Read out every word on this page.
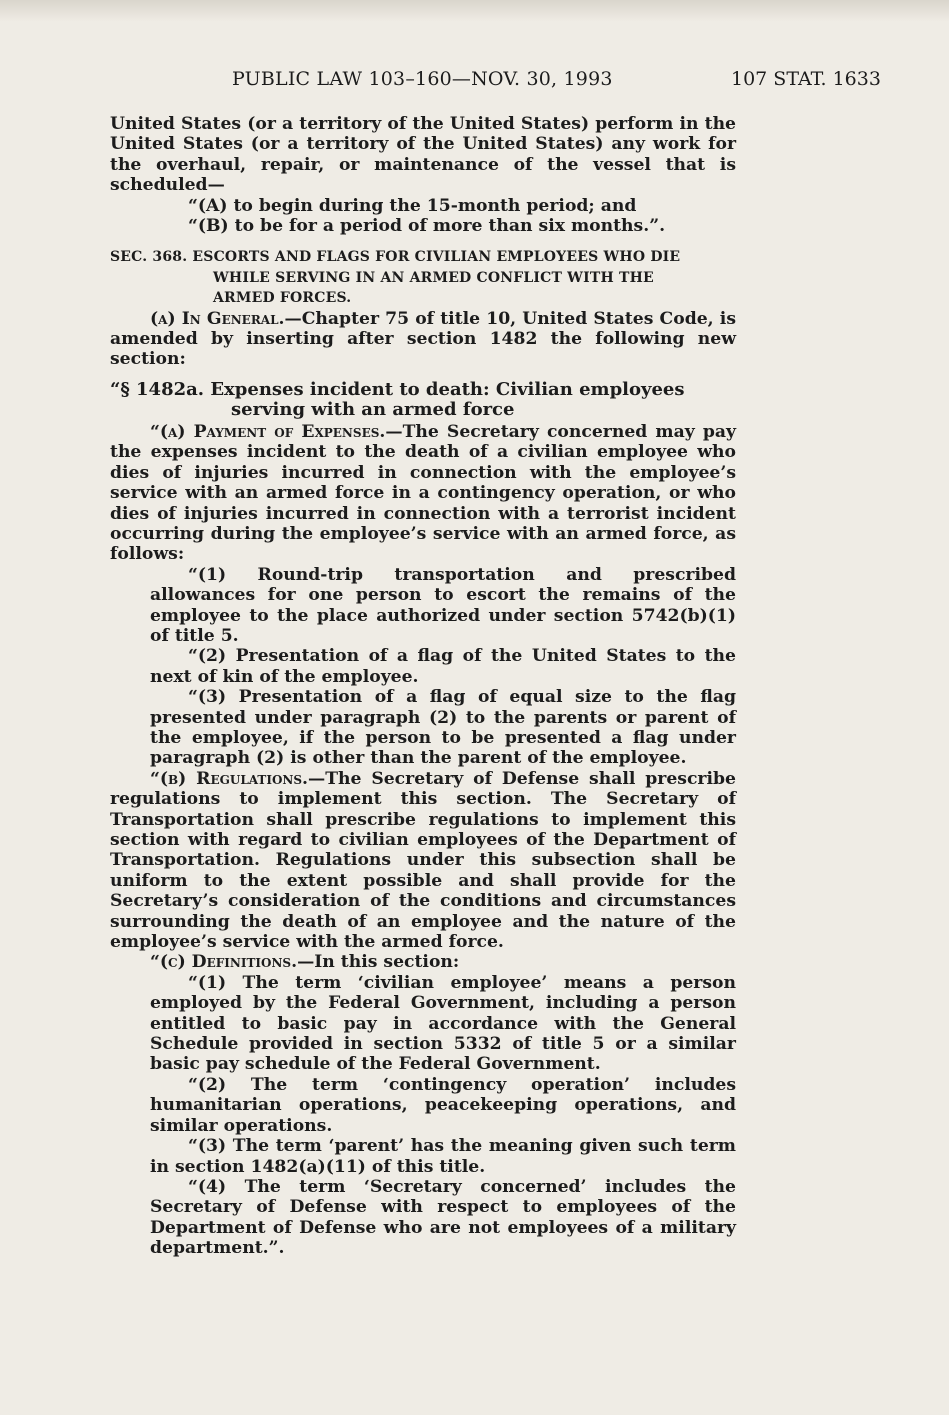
PUBLIC LAW 103–160—NOV. 30, 1993	107 STAT. 1633

United States (or a territory of the United States) perform in the United States (or a territory of the United States) any work for the overhaul, repair, or maintenance of the vessel that is scheduled—

“(A) to begin during the 15-month period; and

“(B) to be for a period of more than six months.”.

SEC. 368. ESCORTS AND FLAGS FOR CIVILIAN EMPLOYEES WHO DIE
WHILE SERVING IN AN ARMED CONFLICT WITH THE
ARMED FORCES.

(a) In General.—Chapter 75 of title 10, United States Code, is amended by inserting after section 1482 the following new section:

“§ 1482a. Expenses incident to death: Civilian employees
serving with an armed force

“(a) Payment of Expenses.—The Secretary concerned may pay the expenses incident to the death of a civilian employee who dies of injuries incurred in connection with the employee’s service with an armed force in a contingency operation, or who dies of injuries incurred in connection with a terrorist incident occurring during the employee’s service with an armed force, as follows:

“(1) Round-trip transportation and prescribed allowances for one person to escort the remains of the employee to the place authorized under section 5742(b)(1) of title 5.

“(2) Presentation of a flag of the United States to the next of kin of the employee.

“(3) Presentation of a flag of equal size to the flag presented under paragraph (2) to the parents or parent of the employee, if the person to be presented a flag under paragraph (2) is other than the parent of the employee.

“(b) Regulations.—The Secretary of Defense shall prescribe regulations to implement this section. The Secretary of Transportation shall prescribe regulations to implement this section with regard to civilian employees of the Department of Transportation. Regulations under this subsection shall be uniform to the extent possible and shall provide for the Secretary’s consideration of the conditions and circumstances surrounding the death of an employee and the nature of the employee’s service with the armed force.

“(c) Definitions.—In this section:

“(1) The term ‘civilian employee’ means a person employed by the Federal Government, including a person entitled to basic pay in accordance with the General Schedule provided in section 5332 of title 5 or a similar basic pay schedule of the Federal Government.

“(2) The term ‘contingency operation’ includes humanitarian operations, peacekeeping operations, and similar operations.

“(3) The term ‘parent’ has the meaning given such term in section 1482(a)(11) of this title.

“(4) The term ‘Secretary concerned’ includes the Secretary of Defense with respect to employees of the Department of Defense who are not employees of a military department.”.
